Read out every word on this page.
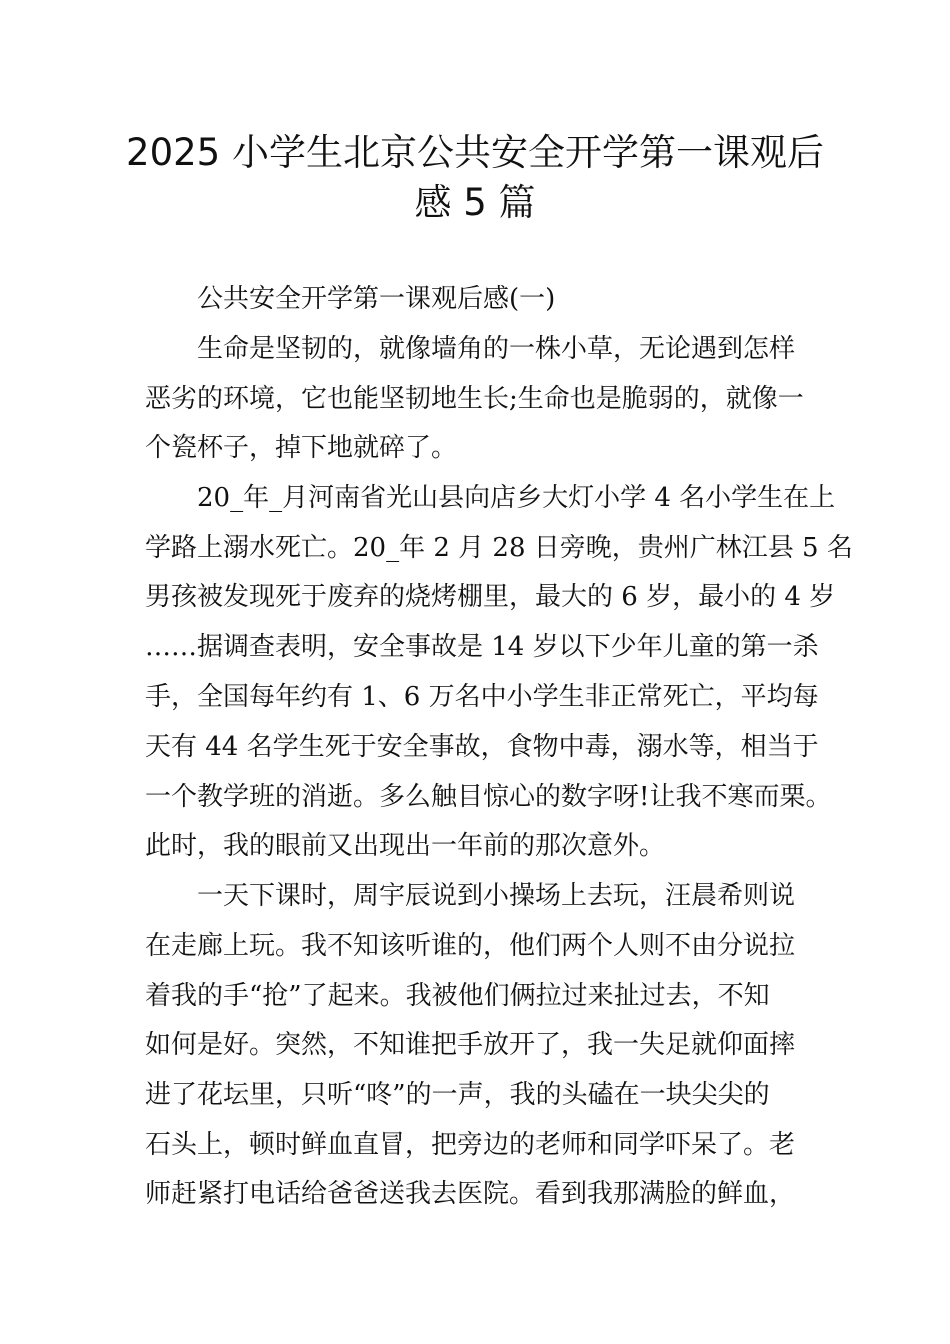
2025 小学生北京公共安全开学第一课观后
感 5 篇
公共安全开学第一课观后感(一)
生命是坚韧的，就像墙角的一株小草，无论遇到怎样
恶劣的环境，它也能坚韧地生长;生命也是脆弱的，就像一
个瓷杯子，掉下地就碎了。
20_年_月河南省光山县向店乡大灯小学 4 名小学生在上
学路上溺水死亡。20_年 2 月 28 日旁晚，贵州广林江县 5 名
男孩被发现死于废弃的烧烤棚里，最大的 6 岁，最小的 4 岁
……据调查表明，安全事故是 14 岁以下少年儿童的第一杀
手，全国每年约有 1、6 万名中小学生非正常死亡，平均每
天有 44 名学生死于安全事故，食物中毒，溺水等，相当于
一个教学班的消逝。多么触目惊心的数字呀!让我不寒而栗。
此时，我的眼前又出现出一年前的那次意外。
一天下课时，周宇辰说到小操场上去玩，汪晨希则说
在走廊上玩。我不知该听谁的，他们两个人则不由分说拉
着我的手“抢”了起来。我被他们俩拉过来扯过去，不知
如何是好。突然，不知谁把手放开了，我一失足就仰面摔
进了花坛里，只听“咚”的一声，我的头磕在一块尖尖的
石头上，顿时鲜血直冒，把旁边的老师和同学吓呆了。老
师赶紧打电话给爸爸送我去医院。看到我那满脸的鲜血，
